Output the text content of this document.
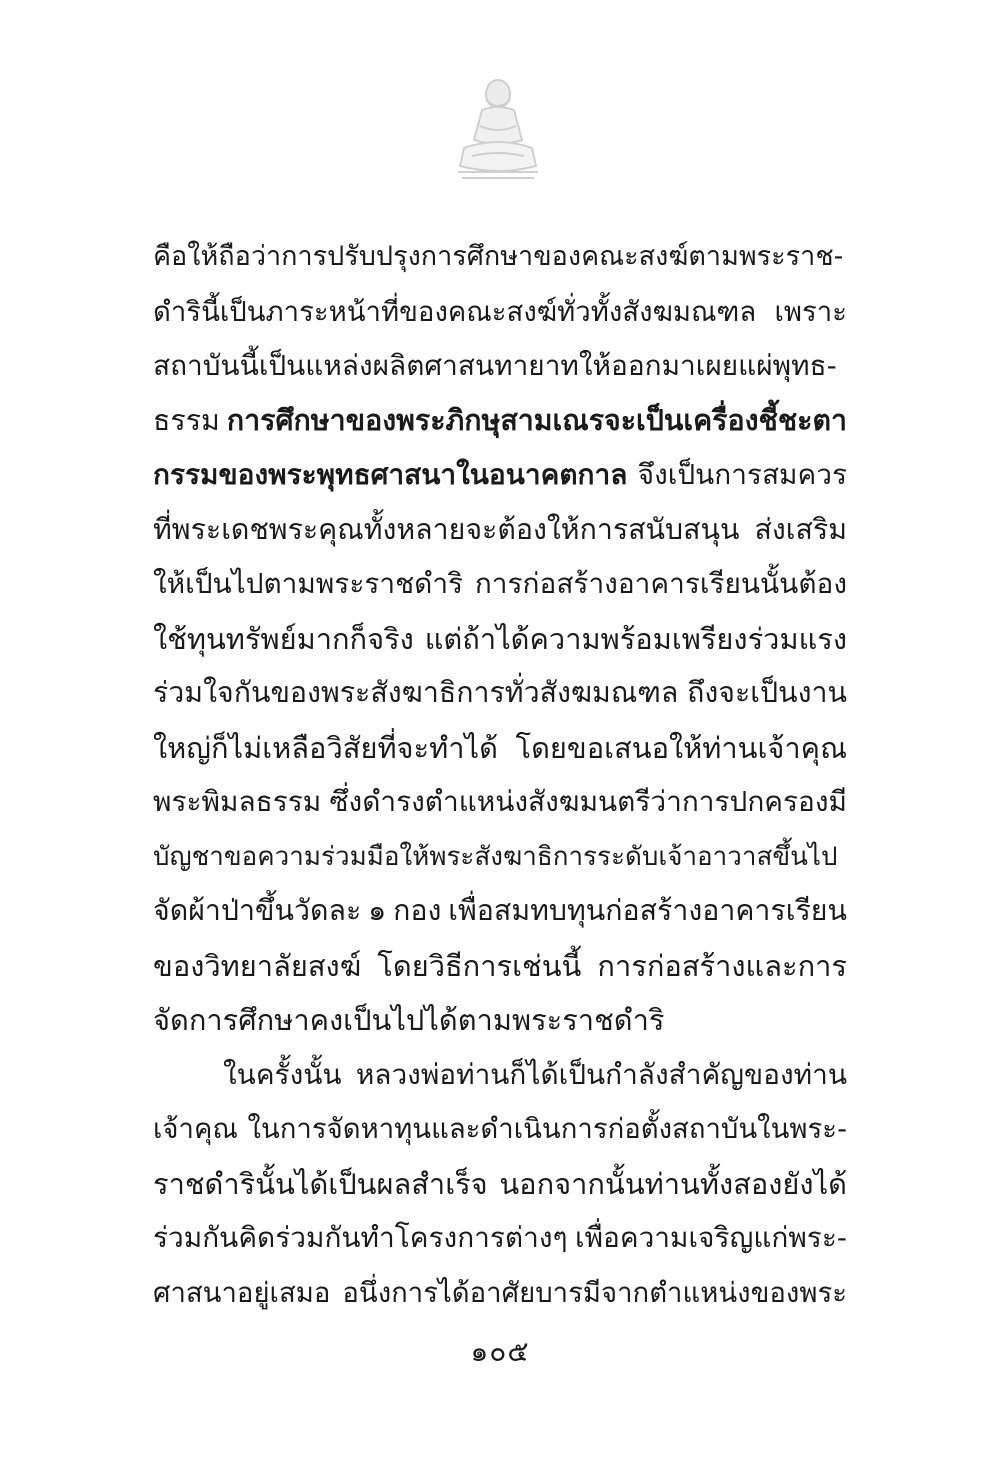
คือให้ถือว่าการปรับปรุงการศึกษาของคณะสงฆ์ตามพระราช-
ดำรินี้เป็นภาระหน้าที่ของคณะสงฆ์ทั่วทั้งสังฆมณฑล เพราะ
สถาบันนี้เป็นแหล่งผลิตศาสนทายาทให้ออกมาเผยแผ่พุทธ-
ธรรม การศึกษาของพระภิกษุสามเณรจะเป็นเครื่องชี้ชะตา
กรรมของพระพุทธศาสนาในอนาคตกาล จึงเป็นการสมควร
ที่พระเดชพระคุณทั้งหลายจะต้องให้การสนับสนุน ส่งเสริม
ให้เป็นไปตามพระราชดำริ การก่อสร้างอาคารเรียนนั้นต้อง
ใช้ทุนทรัพย์มากก็จริง แต่ถ้าได้ความพร้อมเพรียงร่วมแรง
ร่วมใจกันของพระสังฆาธิการทั่วสังฆมณฑล ถึงจะเป็นงาน
ใหญ่ก็ไม่เหลือวิสัยที่จะทำได้ โดยขอเสนอให้ท่านเจ้าคุณ
พระพิมลธรรม ซึ่งดำรงตำแหน่งสังฆมนตรีว่าการปกครองมี
บัญชาขอความร่วมมือให้พระสังฆาธิการระดับเจ้าอาวาสขึ้นไป
จัดผ้าป่าขึ้นวัดละ ๑ กอง เพื่อสมทบทุนก่อสร้างอาคารเรียน
ของวิทยาลัยสงฆ์ โดยวิธีการเช่นนี้ การก่อสร้างและการ
จัดการศึกษาคงเป็นไปได้ตามพระราชดำริ
ในครั้งนั้น หลวงพ่อท่านก็ได้เป็นกำลังสำคัญของท่าน
เจ้าคุณ ในการจัดหาทุนและดำเนินการก่อตั้งสถาบันในพระ-
ราชดำรินั้นได้เป็นผลสำเร็จ นอกจากนั้นท่านทั้งสองยังได้
ร่วมกันคิดร่วมกันทำโครงการต่างๆ เพื่อความเจริญแก่พระ-
ศาสนาอยู่เสมอ อนึ่งการได้อาศัยบารมีจากตำแหน่งของพระ
๑๐๕
